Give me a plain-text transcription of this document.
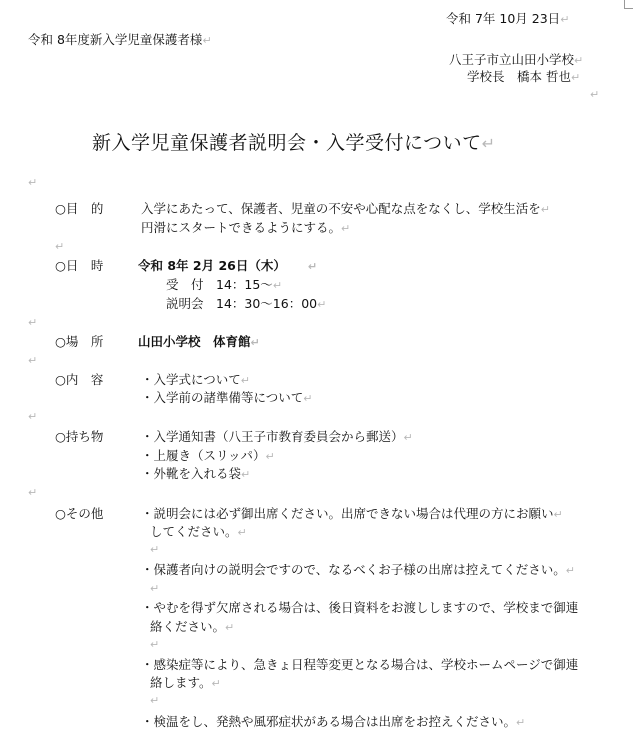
令和 7年 10月 23日↵
令和 8年度新入学児童保護者様↵
八王子市立山田小学校↵
学校長　橋本 哲也↵
↵
新入学児童保護者説明会・入学受付について↵
↵
○目　的	入学にあたって、保護者、児童の不安や心配な点をなくし、学校生活を↵
円滑にスタートできるようにする。↵
↵
○日　時	令和 8年 2月 26日（木） ↵
受　付　14：15～↵
説明会　14：30～16：00↵
↵
○場　所	山田小学校　体育館↵
↵
○内　容	・入学式について↵
・入学前の諸準備等について↵
↵
○持ち物	・入学通知書（八王子市教育委員会から郵送）↵
・上履き（スリッパ）↵
・外靴を入れる袋↵
↵
○その他	・説明会には必ず御出席ください。出席できない場合は代理の方にお願い↵
してください。↵
↵
・保護者向けの説明会ですので、なるべくお子様の出席は控えてください。↵
↵
・やむを得ず欠席される場合は、後日資料をお渡ししますので、学校まで御連
絡ください。↵
↵
・感染症等により、急きょ日程等変更となる場合は、学校ホームページで御連
絡します。↵
↵
・検温をし、発熱や風邪症状がある場合は出席をお控えください。↵
